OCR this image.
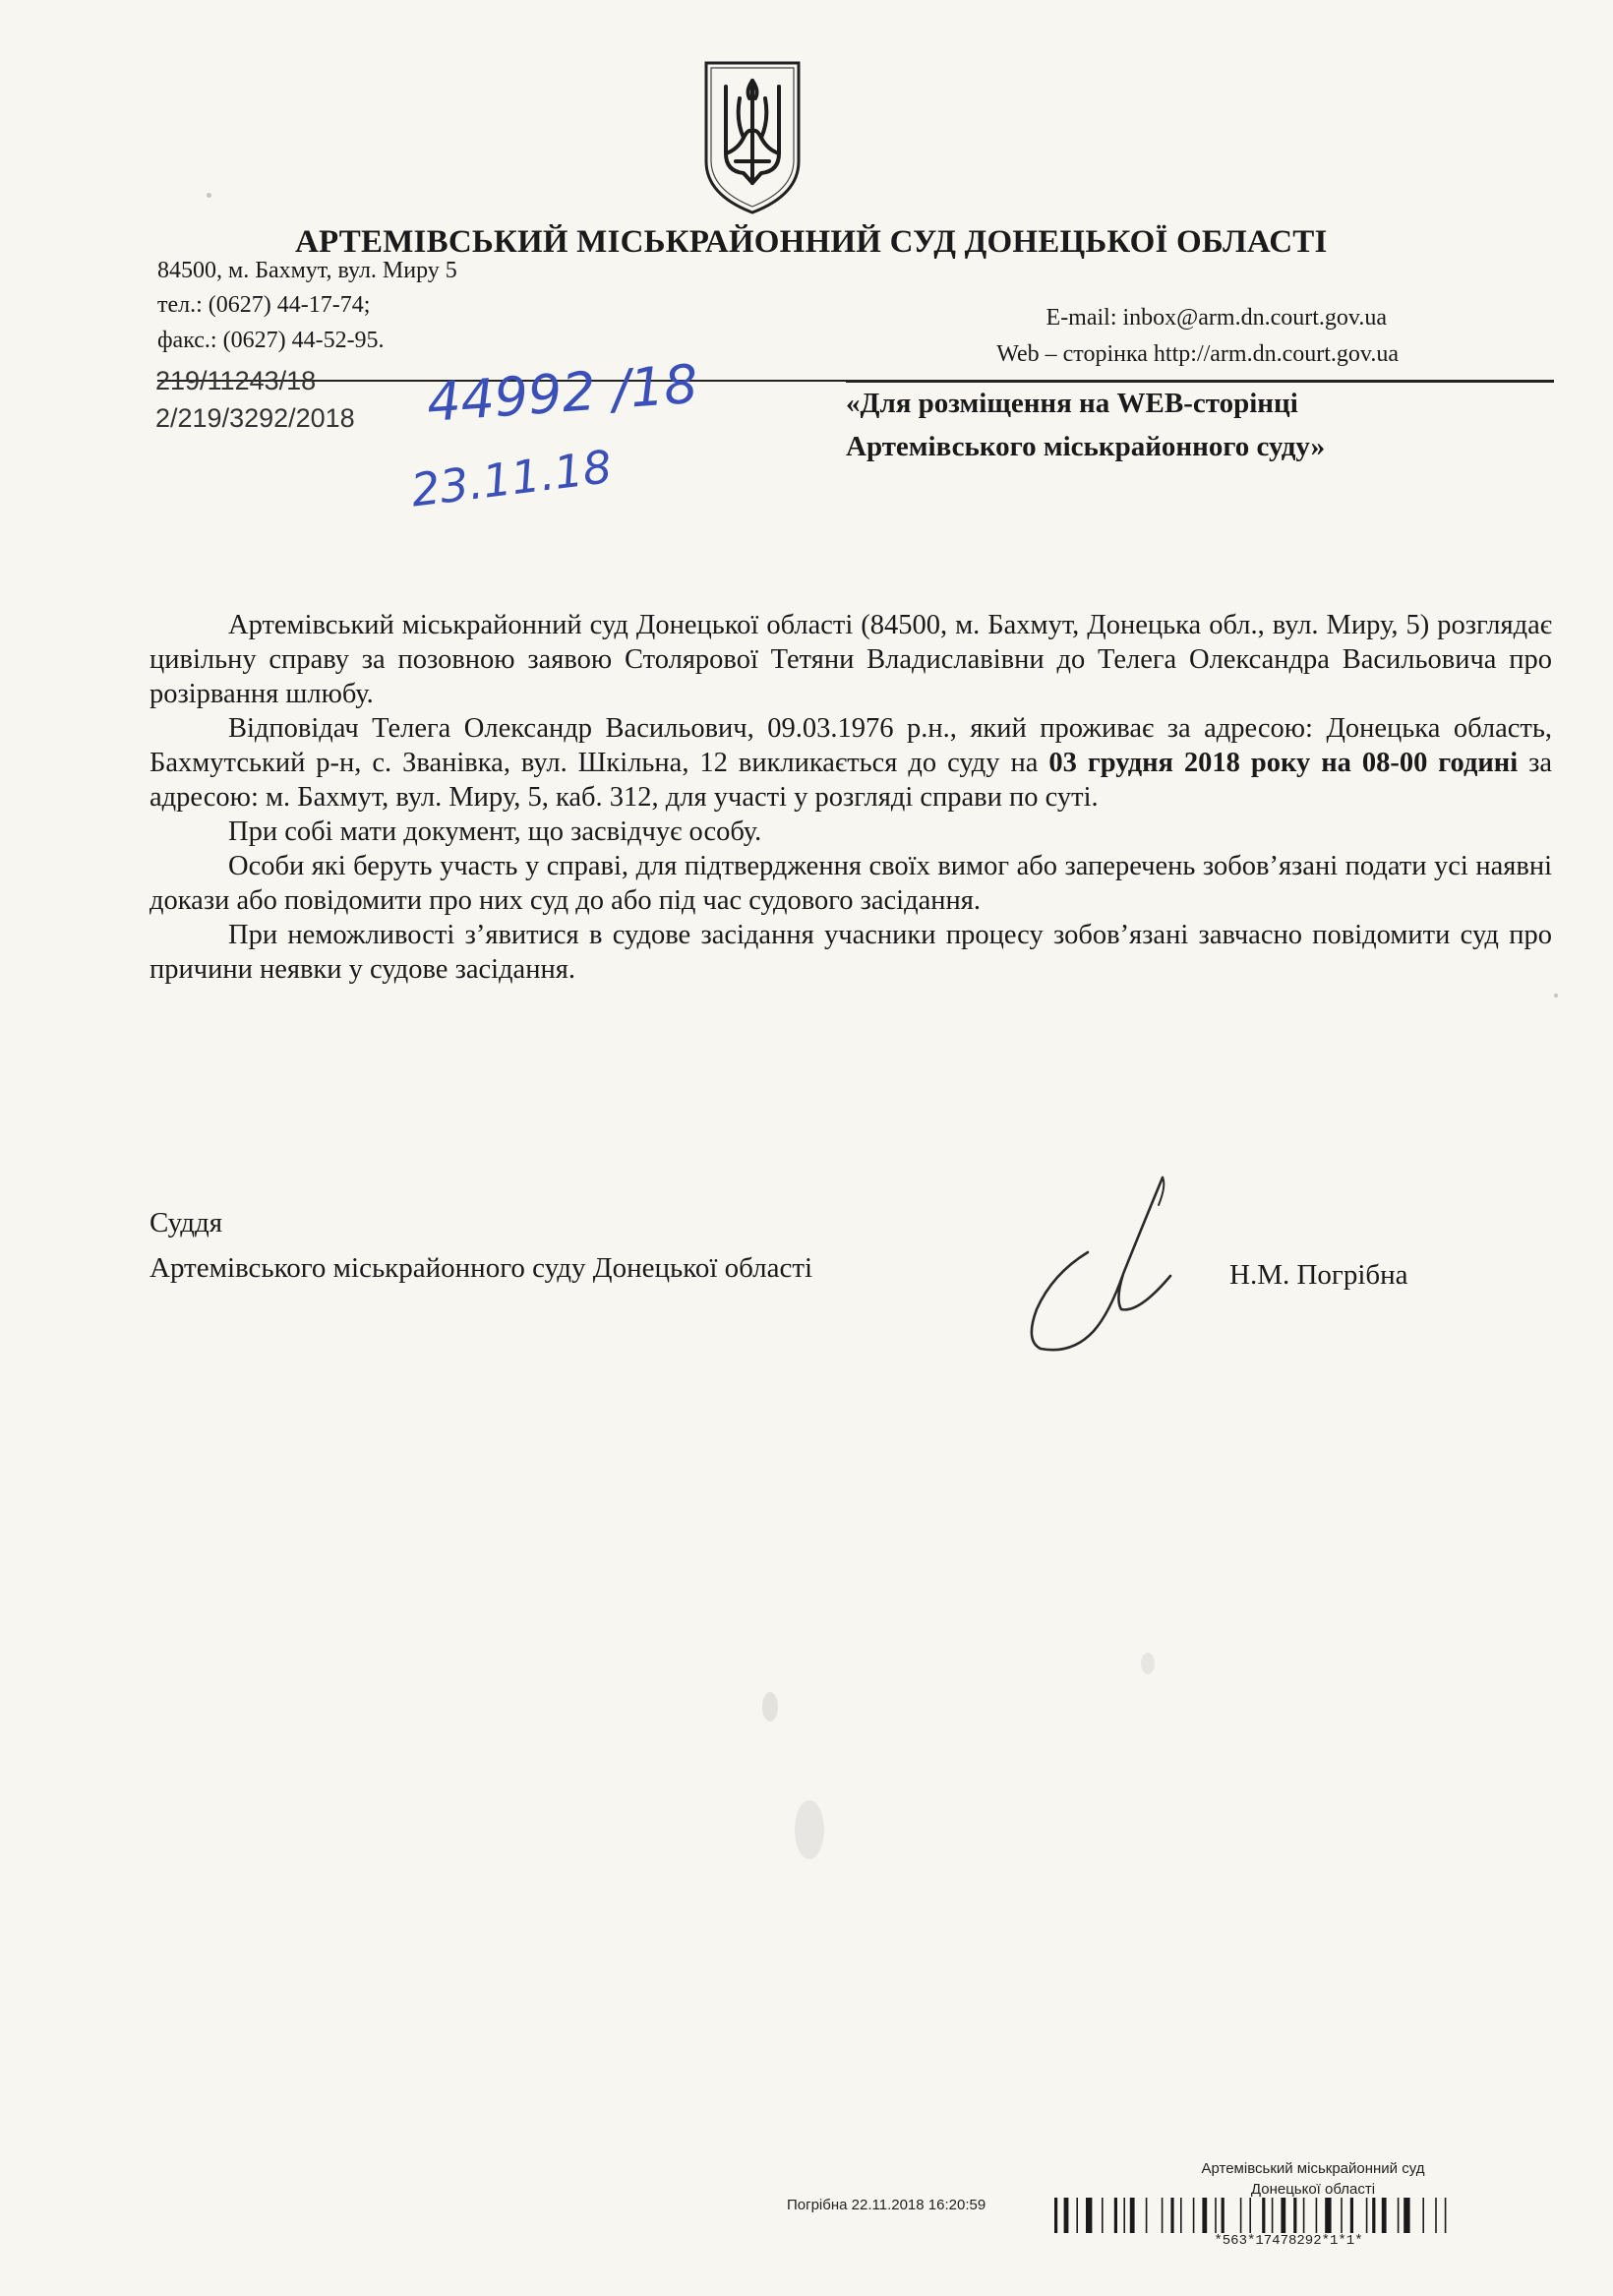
АРТЕМІВСЬКИЙ МІСЬКРАЙОННИЙ СУД ДОНЕЦЬКОЇ ОБЛАСТІ
84500, м. Бахмут, вул. Миру 5
тел.: (0627) 44-17-74;
факс.: (0627) 44-52-95.
E-mail: inbox@arm.dn.court.gov.ua
Web – сторінка http://arm.dn.court.gov.ua
219/11243/18
2/219/3292/2018 44992 /18
23.11.18
«Для розміщення на WEB-сторінці
Артемівського міськрайонного суду»

Артемівський міськрайонний суд Донецької області (84500, м. Бахмут, Донецька обл., вул. Миру, 5) розглядає цивільну справу за позовною заявою Столярової Тетяни Владиславівни до Телега Олександра Васильовича про розірвання шлюбу.

Відповідач Телега Олександр Васильович, 09.03.1976 р.н., який проживає за адресою: Донецька область, Бахмутський р-н, с. Званівка, вул. Шкільна, 12 викликається до суду на 03 грудня 2018 року на 08-00 годині за адресою: м. Бахмут, вул. Миру, 5, каб. 312, для участі у розгляді справи по суті.

При собі мати документ, що засвідчує особу.

Особи які беруть участь у справі, для підтвердження своїх вимог або заперечень зобов’язані подати усі наявні докази або повідомити про них суд до або під час судового засідання.

При неможливості з’явитися в судове засідання учасники процесу зобов’язані завчасно повідомити суд про причини неявки у судове засідання.

Суддя
Артемівського міськрайонного суду Донецької області	Н.М. Погрібна
Артемівський міськрайонний суд
Донецької області
Погрібна 22.11.2018 16:20:59
*563*17478292*1*1*
